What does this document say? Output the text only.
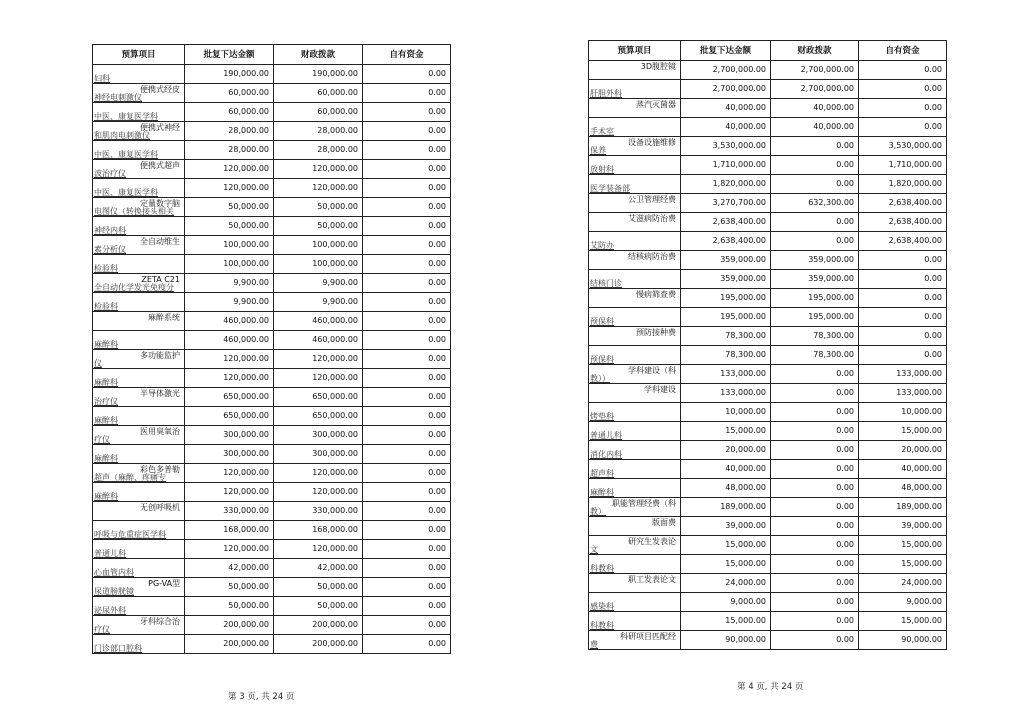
预算项目	批复下达金额	财政拨款	自有资金

妇科	190,000.00	190,000.00	0.00

便携式经皮
神经电刺激仪	60,000.00	60,000.00	0.00

中医、康复医学科	60,000.00	60,000.00	0.00

便携式神经
和肌肉电刺激仪	28,000.00	28,000.00	0.00

中医、康复医学科	28,000.00	28,000.00	0.00

便携式超声
波治疗仪	120,000.00	120,000.00	0.00

中医、康复医学科	120,000.00	120,000.00	0.00

定量数字脑
电图仪（转换接头相关	50,000.00	50,000.00	0.00

神经内科	50,000.00	50,000.00	0.00

全自动维生
素分析仪	100,000.00	100,000.00	0.00

检验科	100,000.00	100,000.00	0.00

ZETA C21
全自动化学发光免疫分	9,900.00	9,900.00	0.00

检验科	9,900.00	9,900.00	0.00

麻醉系统	460,000.00	460,000.00	0.00

麻醉科	460,000.00	460,000.00	0.00

多功能监护
仪	120,000.00	120,000.00	0.00

麻醉科	120,000.00	120,000.00	0.00

半导体激光
治疗仪	650,000.00	650,000.00	0.00

麻醉科	650,000.00	650,000.00	0.00

医用臭氧治
疗仪	300,000.00	300,000.00	0.00

麻醉科	300,000.00	300,000.00	0.00

彩色多普勒
超声（麻醉、疼痛专	120,000.00	120,000.00	0.00

麻醉科	120,000.00	120,000.00	0.00

无创呼吸机	330,000.00	330,000.00	0.00

呼吸与危重症医学科	168,000.00	168,000.00	0.00

普通儿科	120,000.00	120,000.00	0.00

心血管内科	42,000.00	42,000.00	0.00

PG-VA型
尿道膀胱镜	50,000.00	50,000.00	0.00

泌尿外科	50,000.00	50,000.00	0.00

牙科综合治
疗仪	200,000.00	200,000.00	0.00

门诊部口腔科	200,000.00	200,000.00	0.00
第 3 页, 共 24 页
预算项目	批复下达金额	财政拨款	自有资金

3D腹腔镜	2,700,000.00	2,700,000.00	0.00

肝胆外科	2,700,000.00	2,700,000.00	0.00

蒸汽灭菌器	40,000.00	40,000.00	0.00

手术室	40,000.00	40,000.00	0.00

设备设施维修
保养	3,530,000.00	0.00	3,530,000.00

放射科	1,710,000.00	0.00	1,710,000.00

医学装备部	1,820,000.00	0.00	1,820,000.00

公卫管理经费	3,270,700.00	632,300.00	2,638,400.00

艾滋病防治费	2,638,400.00	0.00	2,638,400.00

艾防办	2,638,400.00	0.00	2,638,400.00

结核病防治费	359,000.00	359,000.00	0.00

结核门诊	359,000.00	359,000.00	0.00

慢病筛查费	195,000.00	195,000.00	0.00

预保科	195,000.00	195,000.00	0.00

预防接种费	78,300.00	78,300.00	0.00

预保科	78,300.00	78,300.00	0.00

学科建设（科
教））	133,000.00	0.00	133,000.00

学科建设	133,000.00	0.00	133,000.00

烤垫科	10,000.00	0.00	10,000.00

普通儿科	15,000.00	0.00	15,000.00

消化内科	20,000.00	0.00	20,000.00

超声科	40,000.00	0.00	40,000.00

麻醉科	48,000.00	0.00	48,000.00

职能管理经费（科
教）	189,000.00	0.00	189,000.00

版面费	39,000.00	0.00	39,000.00

研究生发表论
文	15,000.00	0.00	15,000.00

科教科	15,000.00	0.00	15,000.00

职工发表论文	24,000.00	0.00	24,000.00

感染科	9,000.00	0.00	9,000.00

科教科	15,000.00	0.00	15,000.00

科研项目匹配经
费	90,000.00	0.00	90,000.00
第 4 页, 共 24 页
